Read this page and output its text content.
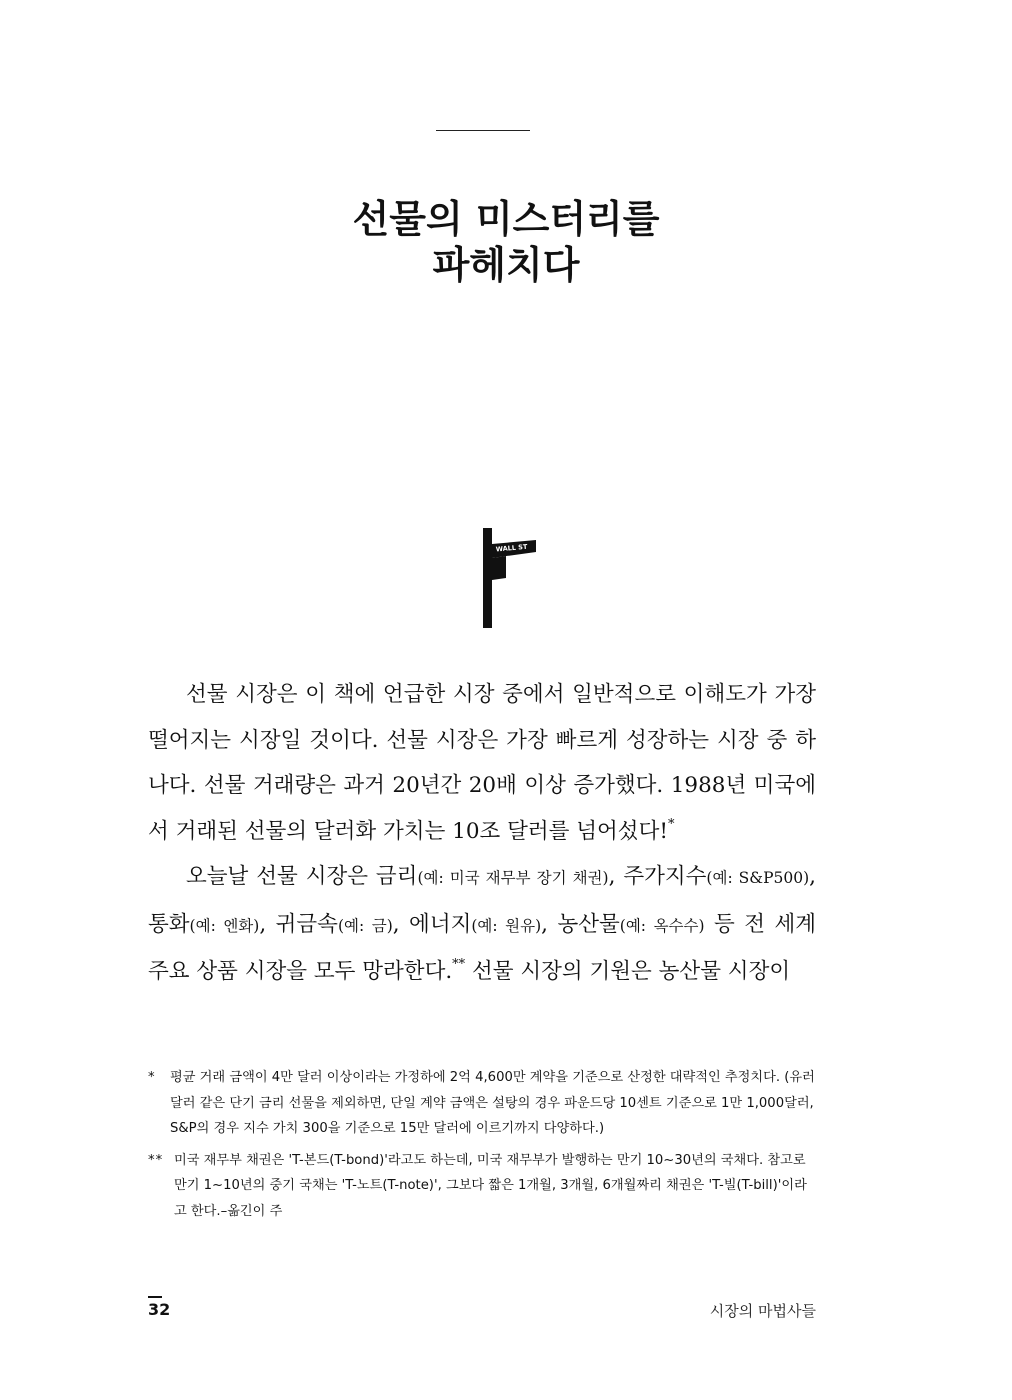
선물의 미스터리를
파헤치다
WALL ST

선물 시장은 이 책에 언급한 시장 중에서 일반적으로 이해도가 가장 떨어지는 시장일 것이다. 선물 시장은 가장 빠르게 성장하는 시장 중 하나다. 선물 거래량은 과거 20년간 20배 이상 증가했다. 1988년 미국에서 거래된 선물의 달러화 가치는 10조 달러를 넘어섰다!*

오늘날 선물 시장은 금리(예: 미국 재무부 장기 채권), 주가지수(예: S&P500), 통화(예: 엔화), 귀금속(예: 금), 에너지(예: 원유), 농산물(예: 옥수수) 등 전 세계 주요 상품 시장을 모두 망라한다.** 선물 시장의 기원은 농산물 시장이

*	평균 거래 금액이 4만 달러 이상이라는 가정하에 2억 4,600만 계약을 기준으로 산정한 대략적인 추정치다. (유러달러 같은 단기 금리 선물을 제외하면, 단일 계약 금액은 설탕의 경우 파운드당 10센트 기준으로 1만 1,000달러, S&P의 경우 지수 가치 300을 기준으로 15만 달러에 이르기까지 다양하다.)
** 미국 재무부 채권은 'T-본드(T-bond)'라고도 하는데, 미국 재무부가 발행하는 만기 10~30년의 국채다. 참고로 만기 1~10년의 중기 국채는 'T-노트(T-note)', 그보다 짧은 1개월, 3개월, 6개월짜리 채권은 'T-빌(T-bill)'이라고 한다.–옮긴이 주
32	시장의 마법사들
